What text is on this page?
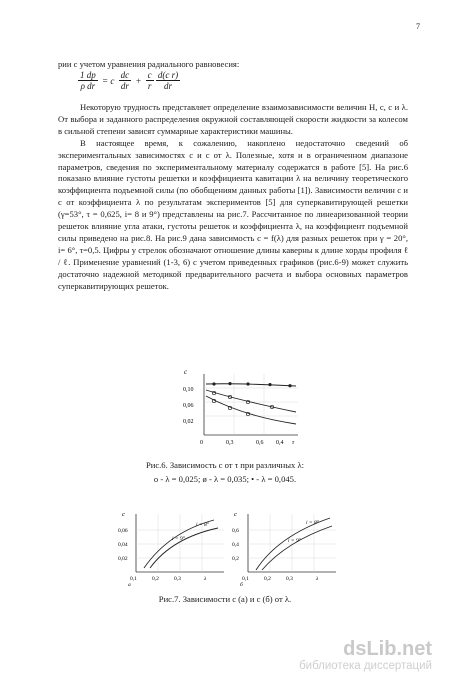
7
рии с учетом уравнения радиального равновесия:
$\frac{1 dp}{\text{ρ dr}} = c \frac{dc}{dr} + \frac{c}{r}$
$\frac{\text{d(c r)}}{dr}$

Некоторую трудность представляет определение взаимозависимости величин H, c, c и λ. От выбора и заданного распределения окружной составляющей скорости жидкости за колесом в сильной степени зависят суммарные характеристики машины.

В настоящее время, к сожалению, накоплено недостаточно сведений об экспериментальных зависимостях c и c от λ. Полезные, хотя и в ограниченном диапазоне параметров, сведения по экспериментальному материалу содержатся в работе [5]. На рис.6 показано влияние густоты решетки и коэффициента кавитации λ на величину теоретического коэффициента подъемной силы (по обобщениям данных работы [1]). Зависимости величин c и c от коэффициента λ по результатам экспериментов [5] для суперкавитирующей решетки (γ=53°, τ = 0,625, i= 8 и 9°) представлены на рис.7. Рассчитанное по линеаризованной теории решеток влияние угла атаки, густоты решеток и коэффициента λ, на коэффициент подъемной силы приведено на рис.8. На рис.9 дана зависимость c = f(λ) для разных решеток при γ = 20°, i= 6°, τ=0,5. Цифры у стрелок обозначают отношение длины каверны к длине хорды профиля ℓ / ℓ. Применение уравнений (1-3, 6) с учетом приведенных графиков (рис.6-9) может служить достаточно надежной методикой предварительного расчета и выбора основных параметров суперкавитирующих решеток.

c
0,10
0,06
0,02
0	0,3	0,6 0,4 τ
Рис.6. Зависимость c от τ при различных λ:
o - λ = 0,025; ø - λ = 0,035; • - λ = 0,045.
c
0,06
0,04
0,02
0,1	0,2	0,3	λ
a
i = 8°
i = 9°
c
0,6
0,4
0,2
0,1	0,2	0,3	λ
б
i = 8°
i = 9°
Рис.7. Зависимости c (а) и c (б) от λ.
dsLib.net
библиотека диссертаций
